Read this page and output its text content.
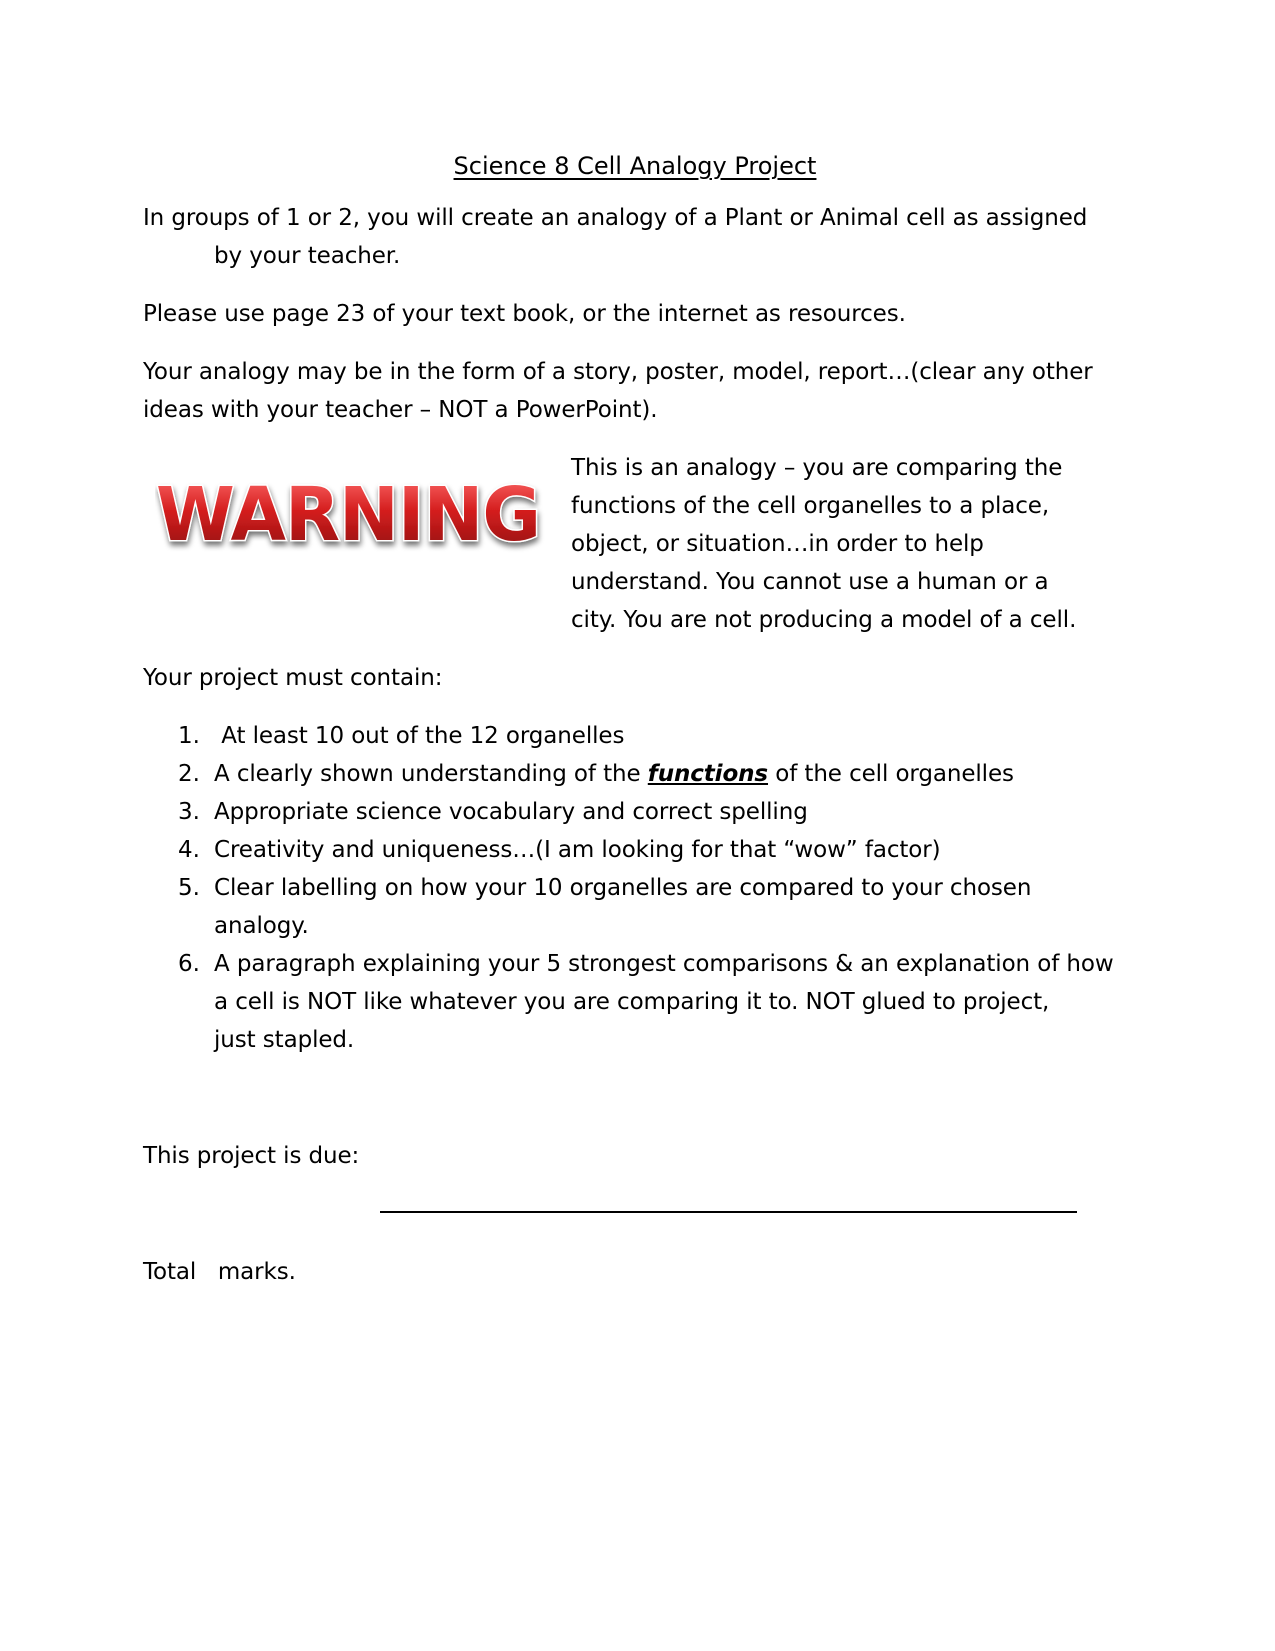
Science 8 Cell Analogy Project
In groups of 1 or 2, you will create an analogy of a Plant or Animal cell as assigned
by your teacher.
Please use page 23 of your text book, or the internet as resources.
Your analogy may be in the form of a story, poster, model, report…(clear any other
ideas with your teacher – NOT a PowerPoint).
WARNING
This is an analogy – you are comparing the
functions of the cell organelles to a place,
object, or situation…in order to help
understand. You cannot use a human or a
city. You are not producing a model of a cell.
Your project must contain:
1. At least 10 out of the 12 organelles
2. A clearly shown understanding of the functions of the cell organelles
3. Appropriate science vocabulary and correct spelling
4. Creativity and uniqueness…(I am looking for that “wow” factor)
5. Clear labelling on how your 10 organelles are compared to your chosen
analogy.
6. A paragraph explaining your 5 strongest comparisons & an explanation of how
a cell is NOT like whatever you are comparing it to. NOT glued to project,
just stapled.
This project is due:
Total   marks.
